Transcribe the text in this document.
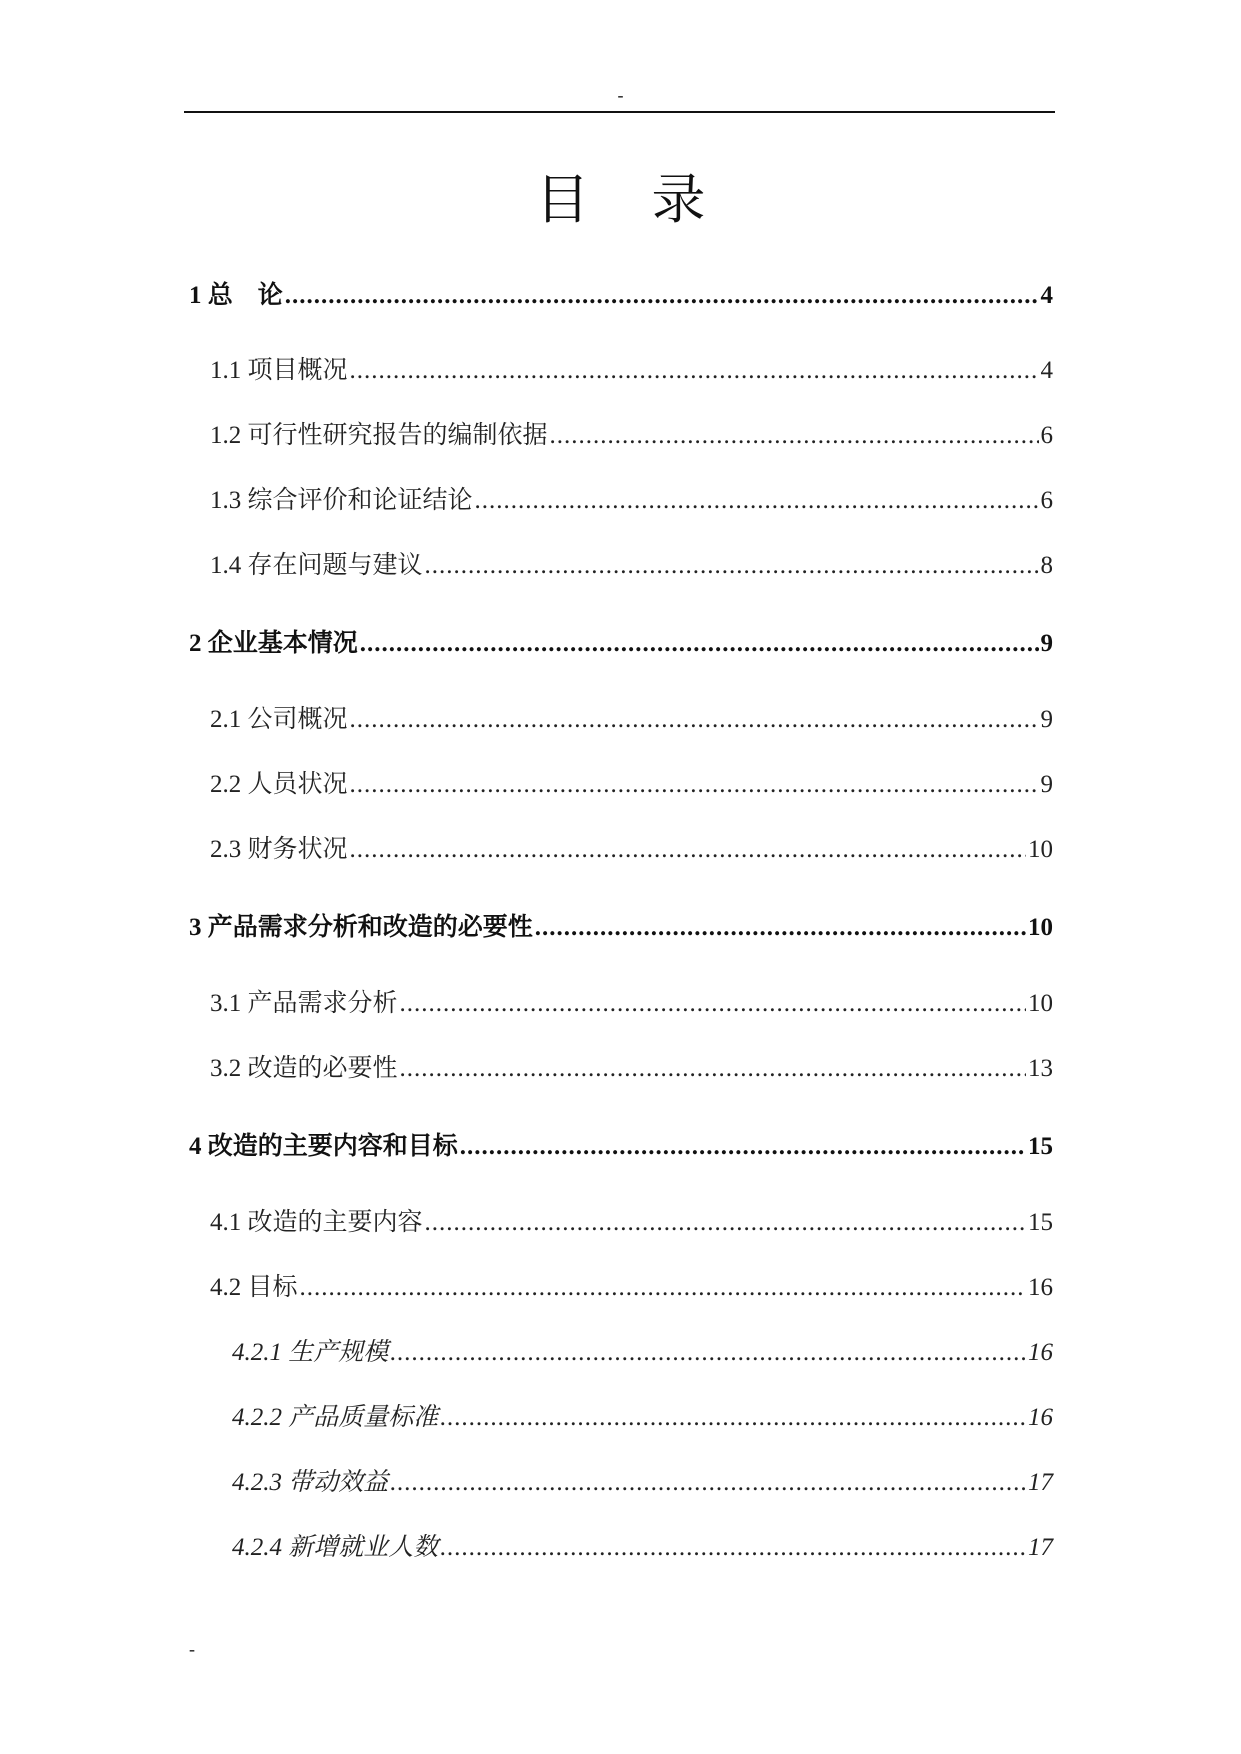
-
目录
1 总　论 .....	4
1.1 项目概况 .....	4
1.2 可行性研究报告的编制依据 .....	6
1.3 综合评价和论证结论 .....	6
1.4 存在问题与建议 .....	8
2 企业基本情况 .....	9
2.1 公司概况 .....	9
2.2 人员状况 .....	9
2.3 财务状况 .....	10
3 产品需求分析和改造的必要性 .....	10
3.1 产品需求分析 .....	10
3.2 改造的必要性 .....	13
4 改造的主要内容和目标 .....	15
4.1 改造的主要内容 .....	15
4.2 目标 .....	16
4.2.1 生产规模 .....	16
4.2.2 产品质量标准 .....	16
4.2.3 带动效益 .....	17
4.2.4 新增就业人数 .....	17
-
